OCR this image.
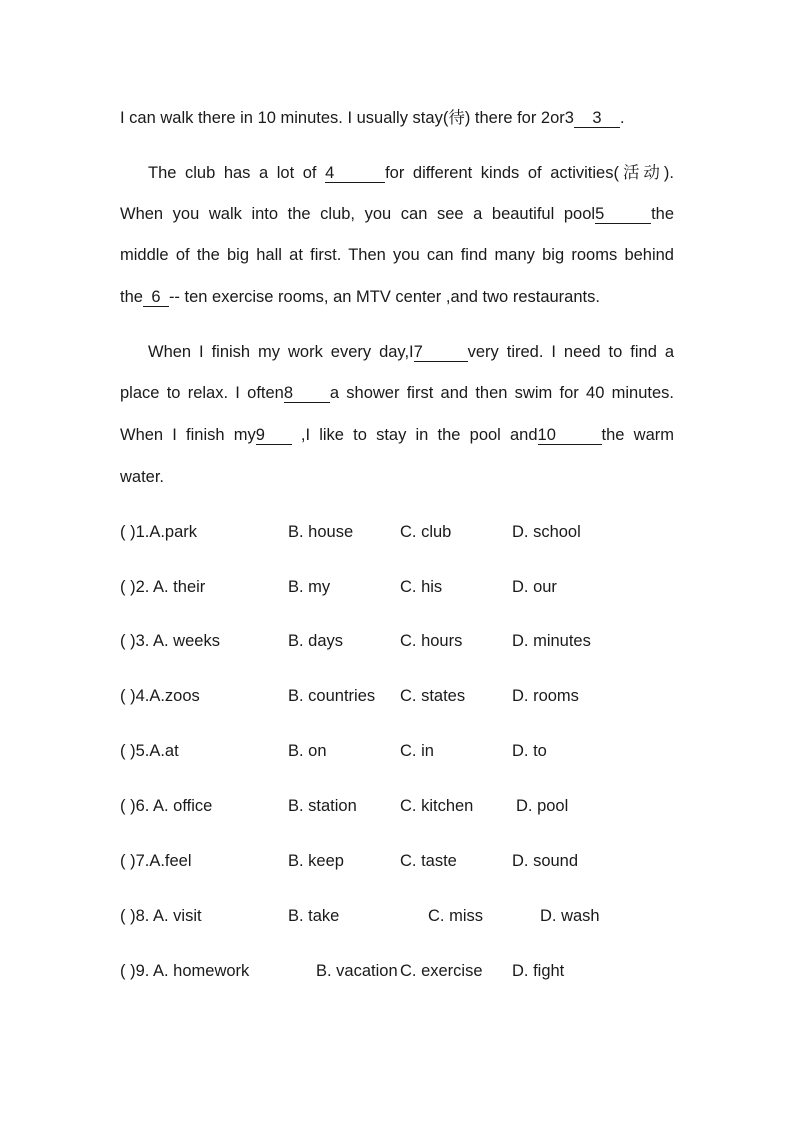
I can walk there in 10 minutes. I usually stay(待) there for 2or3 3 .
The club has a lot of 4	for different kinds of activities(活动).
When you walk into the club, you can see a beautiful pool5	the
middle of the big hall at first. Then you can find many big rooms behind
the 6 -- ten exercise rooms, an MTV center ,and two restaurants.
When I finish my work every day,I7	very tired. I need to find a
place to relax. I often8 a shower first and then swim for 40 minutes.
When I finish my9 ,I like to stay in the pool and10	the warm
water.
( )1.A.park	B. house	C. club	D. school
( )2. A. their	B. my	C. his	D. our
( )3. A. weeks	B. days	C. hours	D. minutes
( )4.A.zoos	B. countries C. states	D. rooms
( )5.A.at	B. on	C. in	D. to
( )6. A. office	B. station	C. kitchen	D. pool
( )7.A.feel	B. keep	C. taste	D. sound
( )8. A. visit	B. take	C. miss	D. wash
( )9. A. homework	B. vacation C. exercise D. fight
